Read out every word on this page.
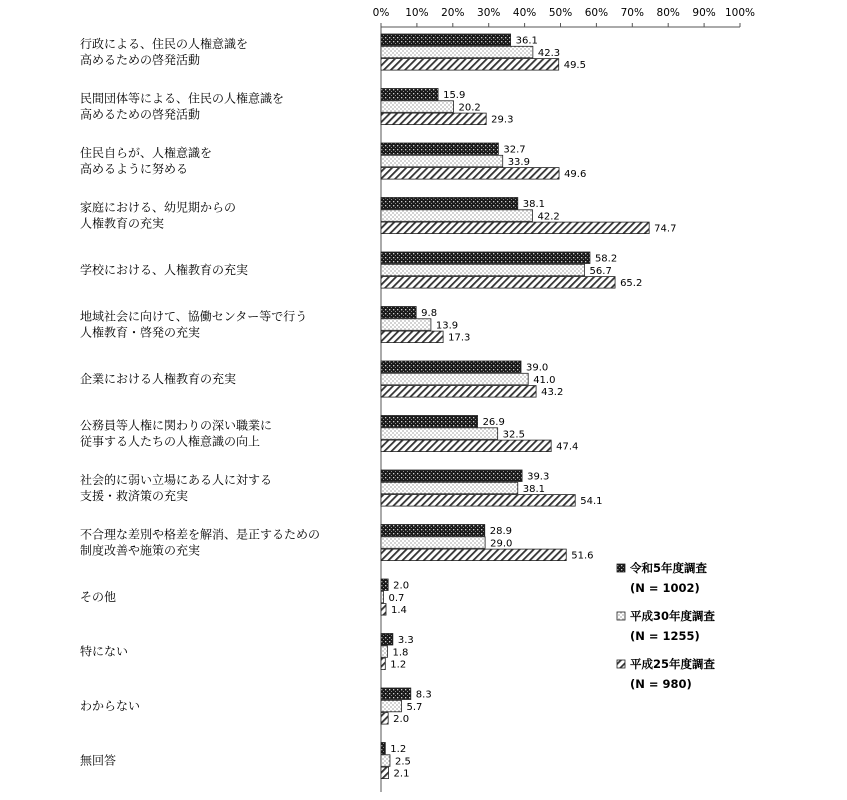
0% 10% 20% 30% 40% 50% 60% 70% 80% 90% 100%
行政による、住民の人権意識を
高めるための啓発活動
民間団体等による、住民の人権意識を
高めるための啓発活動
住民自らが、人権意識を
高めるように努める
家庭における、幼児期からの
人権教育の充実
学校における、人権教育の充実
地域社会に向けて、協働センター等で行う
人権教育・啓発の充実
企業における人権教育の充実
公務員等人権に関わりの深い職業に
従事する人たちの人権意識の向上
社会的に弱い立場にある人に対する
支援・救済策の充実
不合理な差別や格差を解消、是正するための
制度改善や施策の充実
その他
特にない
わからない
無回答
36.1
42.3
49.5
15.9
20.2
29.3
32.7
33.9
49.6
38.1
42.2
74.7
58.2
56.7
65.2
9.8
13.9
17.3
39.0
41.0
43.2
26.9
32.5
47.4
39.3
38.1
54.1
28.9
29.0
51.6
2.0
0.7
1.4
3.3
1.8
1.2
8.3
5.7
2.0
1.2
2.5
2.1
令和5年度調査
(N = 1002)
平成30年度調査
(N = 1255)
平成25年度調査
(N = 980)
